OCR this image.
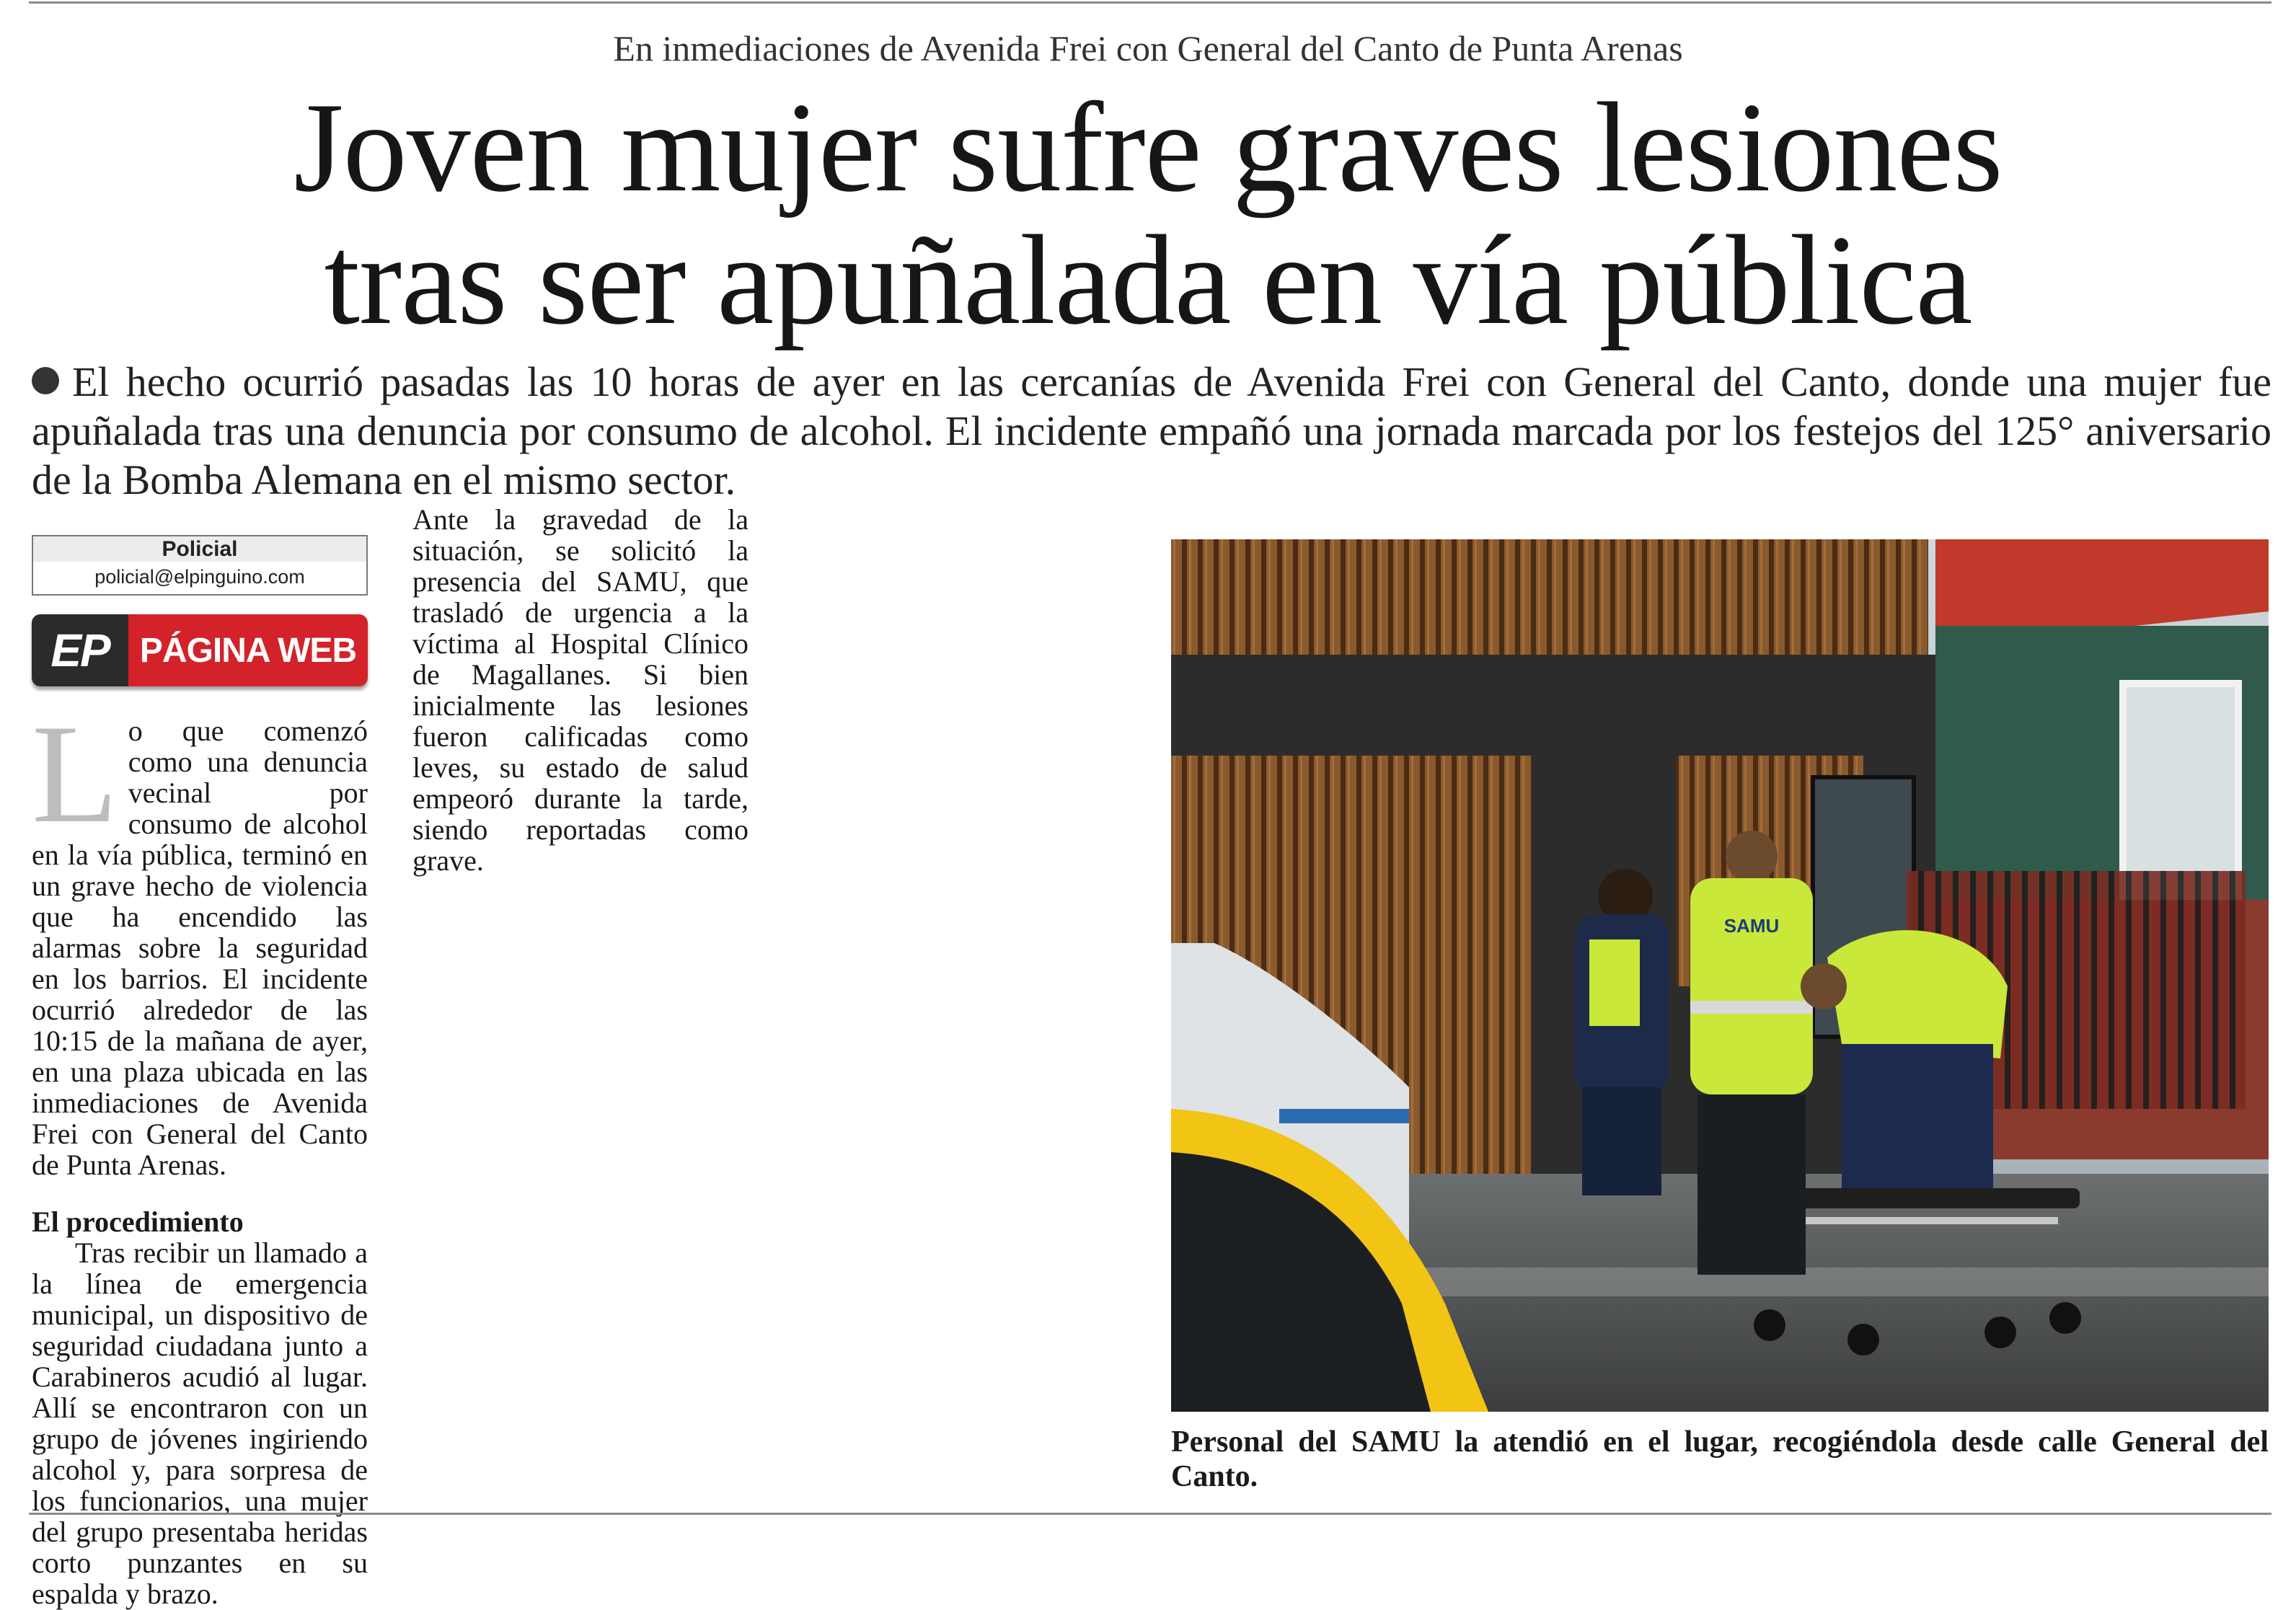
En inmediaciones de Avenida Frei con General del Canto de Punta Arenas
Joven mujer sufre graves lesiones
tras ser apuñalada en vía pública

El hecho ocurrió pasadas las 10 horas de ayer en las cercanías de Avenida Frei con General del Canto, donde una mujer fue apuñalada tras una denuncia por consumo de alcohol. El incidente empañó una jornada marcada por los festejos del 125° aniversario de la Bomba Alemana en el mismo sector.

Policial
policial@elpinguino.com
EP PÁGINA WEB

Lo que comenzó como una denuncia vecinal por consumo de alcohol en la vía pública, terminó en un grave hecho de violencia que ha encendido las alarmas sobre la seguridad en los barrios. El incidente ocurrió alrededor de las 10:15 de la mañana de ayer, en una plaza ubicada en las inmediaciones de Avenida Frei con General del Canto de Punta Arenas.

El procedimiento

Tras recibir un llamado a la línea de emergencia municipal, un dispositivo de seguridad ciudadana junto a Carabineros acudió al lugar. Allí se encontraron con un grupo de jóvenes ingiriendo alcohol y, para sorpresa de los funcionarios, una mujer del grupo presentaba heridas corto punzantes en su espalda y brazo.

Ante la gravedad de la situación, se solicitó la presencia del SAMU, que trasladó de urgencia a la víctima al Hospital Clínico de Magallanes. Si bien inicialmente las lesiones fueron calificadas como leves, su estado de salud empeoró durante la tarde, siendo reportadas como grave.

SAMU

Personal del SAMU la atendió en el lugar, recogiéndola desde calle General del Canto.
